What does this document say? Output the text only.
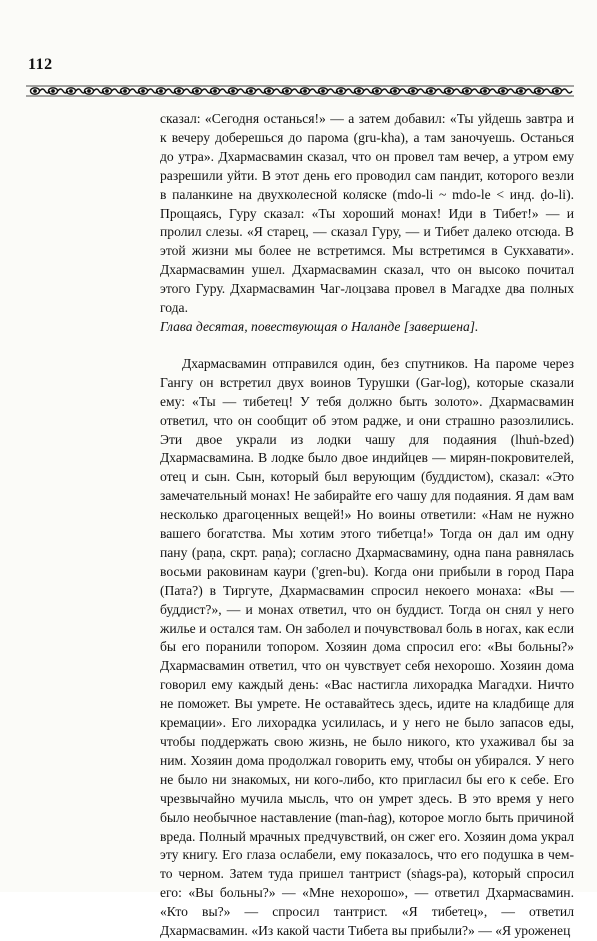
112

сказал: «Сегодня останься!» — а затем добавил: «Ты уйдешь завтра и к вечеру доберешься до парома (gru-kha), а там заночуешь. Останься до утра». Дхармасвамин сказал, что он провел там вечер, а утром ему разрешили уйти. В этот день его проводил сам пандит, которого везли в паланкине на двухколесной коляске (mdo-li ~ mdo-le < инд. ḍo-li). Прощаясь, Гуру сказал: «Ты хороший монах! Иди в Тибет!» — и пролил слезы. «Я старец, — сказал Гуру, — и Тибет далеко отсюда. В этой жизни мы более не встретимся. Мы встретимся в Сукхавати». Дхармасвамин ушел. Дхармасвамин сказал, что он высоко почитал этого Гуру. Дхармасвамин Чаг-лоцзава провел в Магадхе два полных года.

Глава десятая, повествующая о Наланде [завершена].

Дхармасвамин отправился один, без спутников. На пароме через Гангу он встретил двух воинов Турушки (Gar-log), которые сказали ему: «Ты — тибетец! У тебя должно быть золото». Дхармасвамин ответил, что он сообщит об этом радже, и они страшно разозлились. Эти двое украли из лодки чашу для подаяния (lhuṅ-bzed) Дхармасвамина. В лодке было двое индийцев — мирян-покровителей, отец и сын. Сын, который был верующим (буддистом), сказал: «Это замечательный монах! Не забирайте его чашу для подаяния. Я дам вам несколько драгоценных вещей!» Но воины ответили: «Нам не нужно вашего богатства. Мы хотим этого тибетца!» Тогда он дал им одну пану (paṇa, скрт. paṇa); согласно Дхармасвамину, одна пана равнялась восьми раковинам каури ('gren-bu). Когда они прибыли в город Пара (Пата?) в Тиргуте, Дхармасвамин спросил некоего монаха: «Вы — буддист?», — и монах ответил, что он буддист. Тогда он снял у него жилье и остался там. Он заболел и почувствовал боль в ногах, как если бы его поранили топором. Хозяин дома спросил его: «Вы больны?» Дхармасвамин ответил, что он чувствует себя нехорошо. Хозяин дома говорил ему каждый день: «Вас настигла лихорадка Магадхи. Ничто не поможет. Вы умрете. Не оставайтесь здесь, идите на кладбище для кремации». Его лихорадка усилилась, и у него не было запасов еды, чтобы поддержать свою жизнь, не было никого, кто ухаживал бы за ним. Хозяин дома продолжал говорить ему, чтобы он убирался. У него не было ни знакомых, ни кого-либо, кто пригласил бы его к себе. Его чрезвычайно мучила мысль, что он умрет здесь. В это время у него было необычное наставление (man-ṅag), которое могло быть причиной вреда. Полный мрачных предчувствий, он сжег его. Хозяин дома украл эту книгу. Его глаза ослабели, ему показалось, что его подушка в чем-то черном. Затем туда пришел тантрист (sṅags-pa), который спросил его: «Вы больны?» — «Мне нехорошо», — ответил Дхармасвамин. «Кто вы?» — спросил тантрист. «Я тибетец», — ответил Дхармасвамин. «Из какой части Тибета вы прибыли?» — «Я уроженец
